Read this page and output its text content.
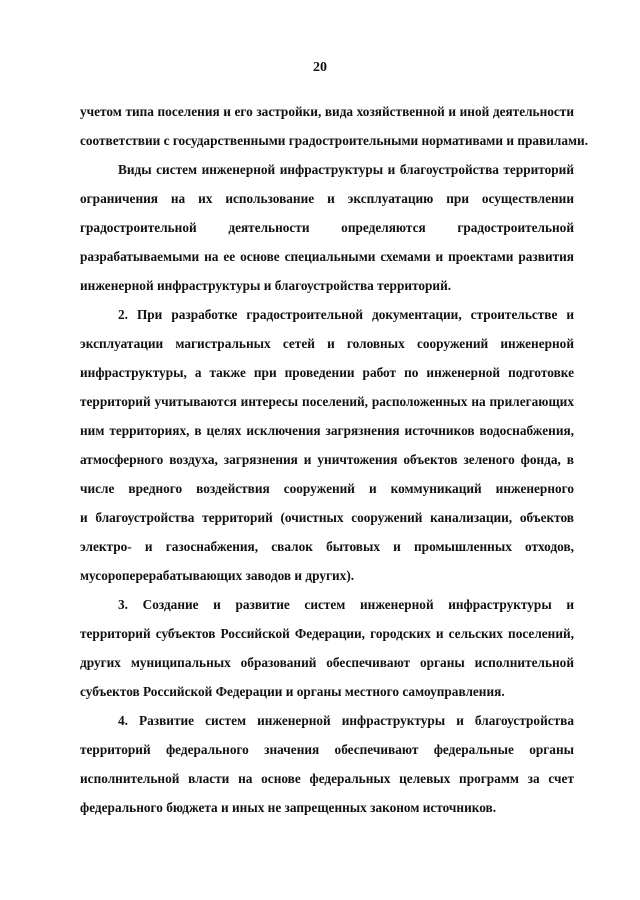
20
учетом типа поселения и его застройки, вида хозяйственной и иной деятельности
соответствии с государственными градостроительными нормативами и правилами.
Виды систем инженерной инфраструктуры и благоустройства территорий
ограничения на их использование и эксплуатацию при осуществлении
градостроительной деятельности определяются градостроительной
разрабатываемыми на ее основе специальными схемами и проектами развития
инженерной инфраструктуры и благоустройства территорий.
2. При разработке градостроительной документации, строительстве и
эксплуатации магистральных сетей и головных сооружений инженерной
инфраструктуры, а также при проведении работ по инженерной подготовке
территорий учитываются интересы поселений, расположенных на прилегающих
ним территориях, в целях исключения загрязнения источников водоснабжения,
атмосферного воздуха, загрязнения и уничтожения объектов зеленого фонда, в
числе вредного воздействия сооружений и коммуникаций инженерного
и благоустройства территорий (очистных сооружений канализации, объектов
электро- и газоснабжения, свалок бытовых и промышленных отходов,
мусороперерабатывающих заводов и других).
3. Создание и развитие систем инженерной инфраструктуры и
территорий субъектов Российской Федерации, городских и сельских поселений,
других муниципальных образований обеспечивают органы исполнительной
субъектов Российской Федерации и органы местного самоуправления.
4. Развитие систем инженерной инфраструктуры и благоустройства
территорий федерального значения обеспечивают федеральные органы
исполнительной власти на основе федеральных целевых программ за счет
федерального бюджета и иных не запрещенных законом источников.
